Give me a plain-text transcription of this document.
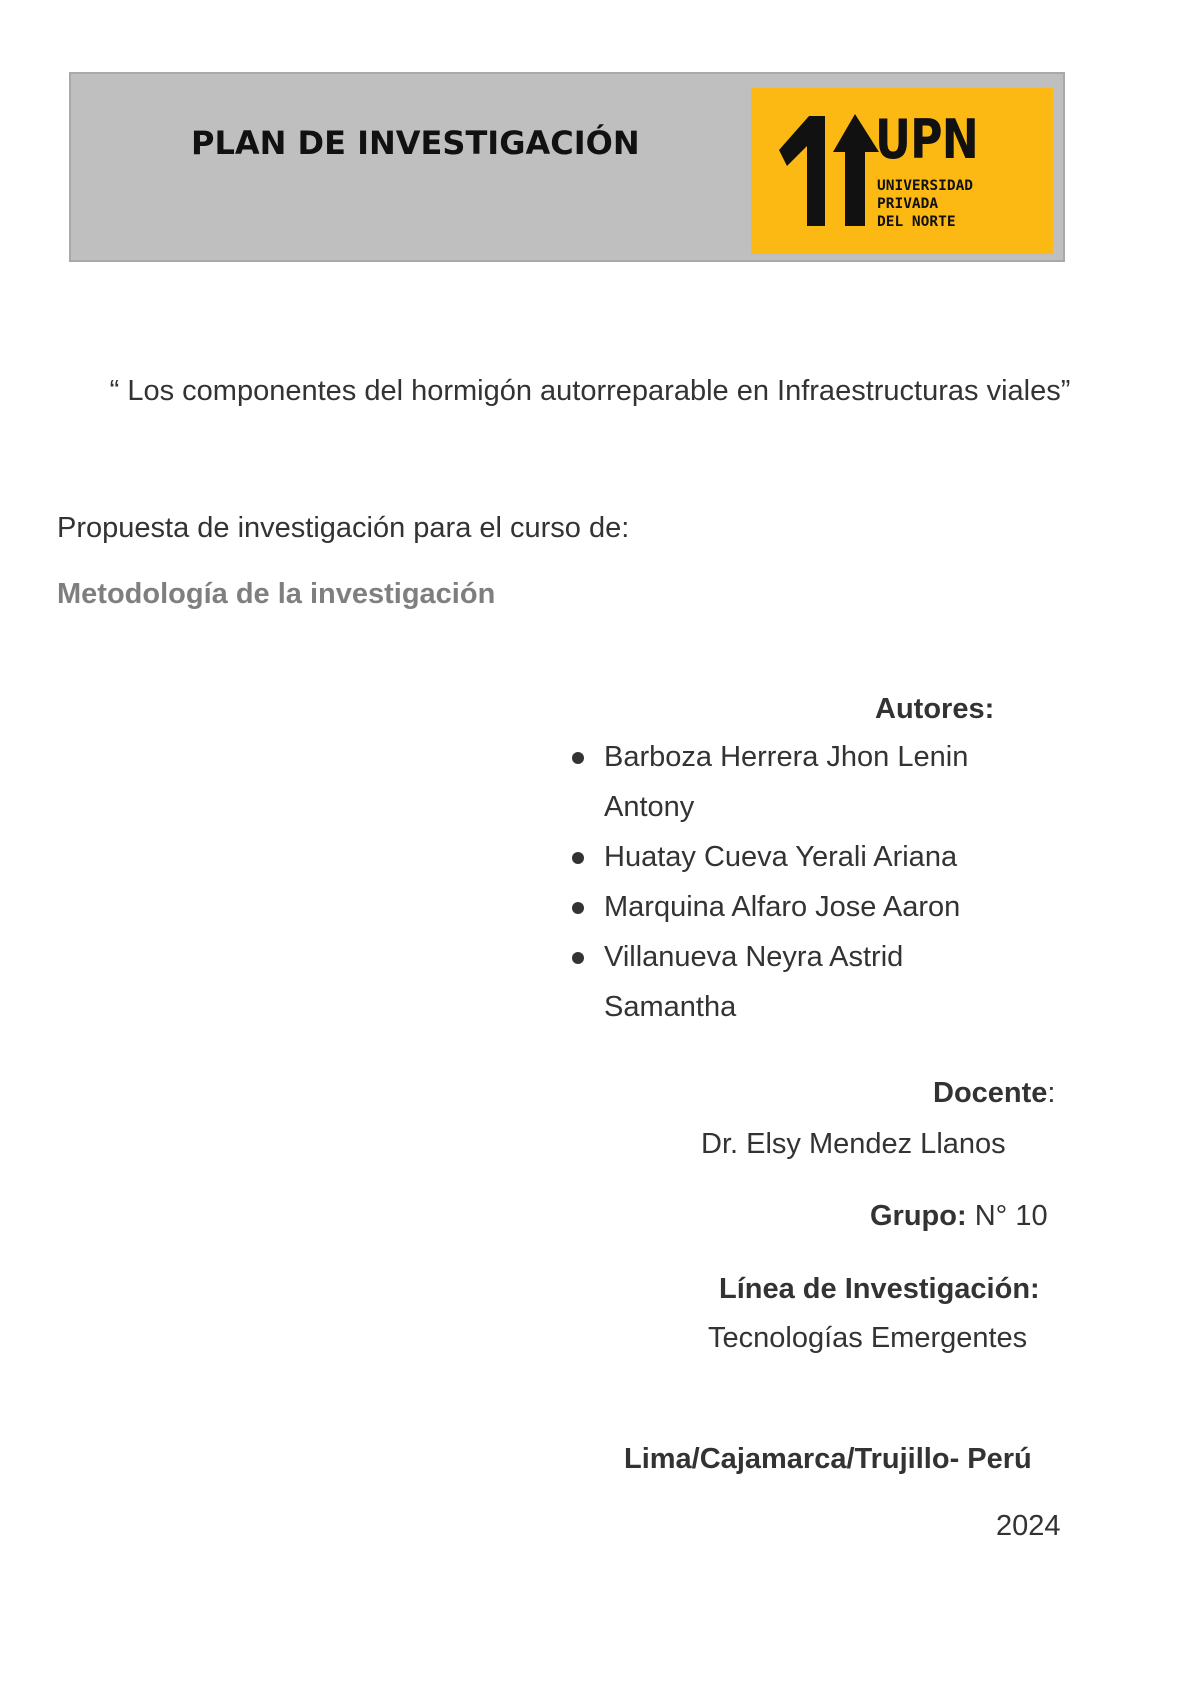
PLAN DE INVESTIGACIÓN	UPN
UNIVERSIDAD
PRIVADA
DEL NORTE
“ Los componentes del hormigón autorreparable en Infraestructuras viales”
Propuesta de investigación para el curso de:
Metodología de la investigación
Autores:
Barboza Herrera Jhon Lenin Antony
Huatay Cueva Yerali Ariana
Marquina Alfaro Jose Aaron
Villanueva Neyra Astrid Samantha
Docente:
Dr. Elsy Mendez Llanos
Grupo: N° 10
Línea de Investigación:
Tecnologías Emergentes
Lima/Cajamarca/Trujillo- Perú
2024
